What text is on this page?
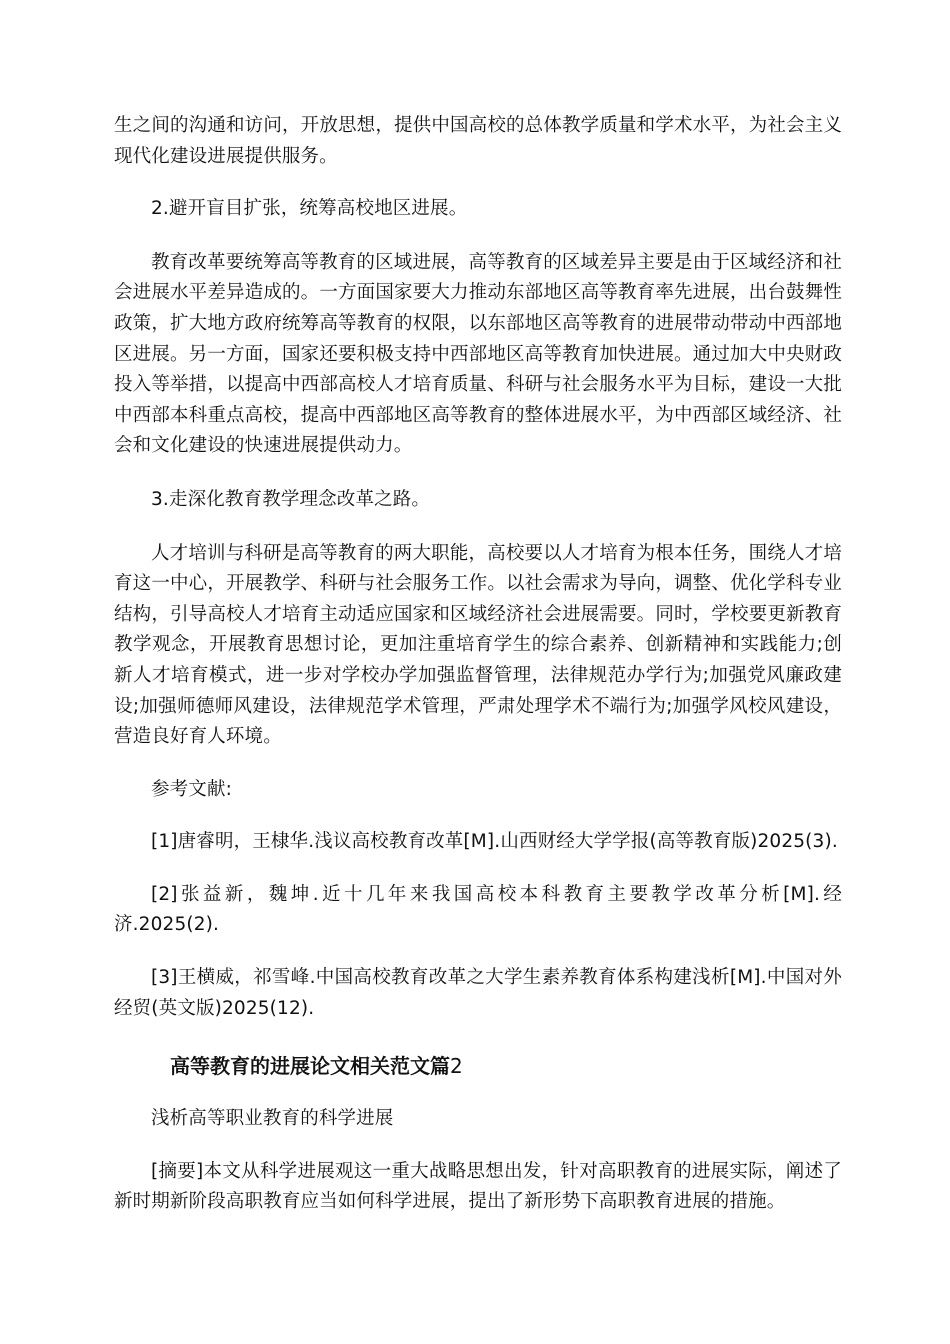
生之间的沟通和访问，开放思想，提供中国高校的总体教学质量和学术水平，为社会主义现代化建设进展提供服务。

2.避开盲目扩张，统筹高校地区进展。

教育改革要统筹高等教育的区域进展，高等教育的区域差异主要是由于区域经济和社会进展水平差异造成的。一方面国家要大力推动东部地区高等教育率先进展，出台鼓舞性政策，扩大地方政府统筹高等教育的权限，以东部地区高等教育的进展带动带动中西部地区进展。另一方面，国家还要积极支持中西部地区高等教育加快进展。通过加大中央财政投入等举措，以提高中西部高校人才培育质量、科研与社会服务水平为目标，建设一大批中西部本科重点高校，提高中西部地区高等教育的整体进展水平，为中西部区域经济、社会和文化建设的快速进展提供动力。

3.走深化教育教学理念改革之路。

人才培训与科研是高等教育的两大职能，高校要以人才培育为根本任务，围绕人才培育这一中心，开展教学、科研与社会服务工作。以社会需求为导向，调整、优化学科专业结构，引导高校人才培育主动适应国家和区域经济社会进展需要。同时，学校要更新教育教学观念，开展教育思想讨论，更加注重培育学生的综合素养、创新精神和实践能力;创新人才培育模式，进一步对学校办学加强监督管理，法律规范办学行为;加强党风廉政建设;加强师德师风建设，法律规范学术管理，严肃处理学术不端行为;加强学风校风建设，营造良好育人环境。

参考文献:

[1]唐睿明，王棣华.浅议高校教育改革[M].山西财经大学学报(高等教育版)2025(3).

[2]张益新，魏坤.近十几年来我国高校本科教育主要教学改革分析[M].经济.2025(2).

[3]王横威，祁雪峰.中国高校教育改革之大学生素养教育体系构建浅析[M].中国对外经贸(英文版)2025(12).

高等教育的进展论文相关范文篇2

浅析高等职业教育的科学进展

[摘要]本文从科学进展观这一重大战略思想出发，针对高职教育的进展实际，阐述了新时期新阶段高职教育应当如何科学进展，提出了新形势下高职教育进展的措施。
